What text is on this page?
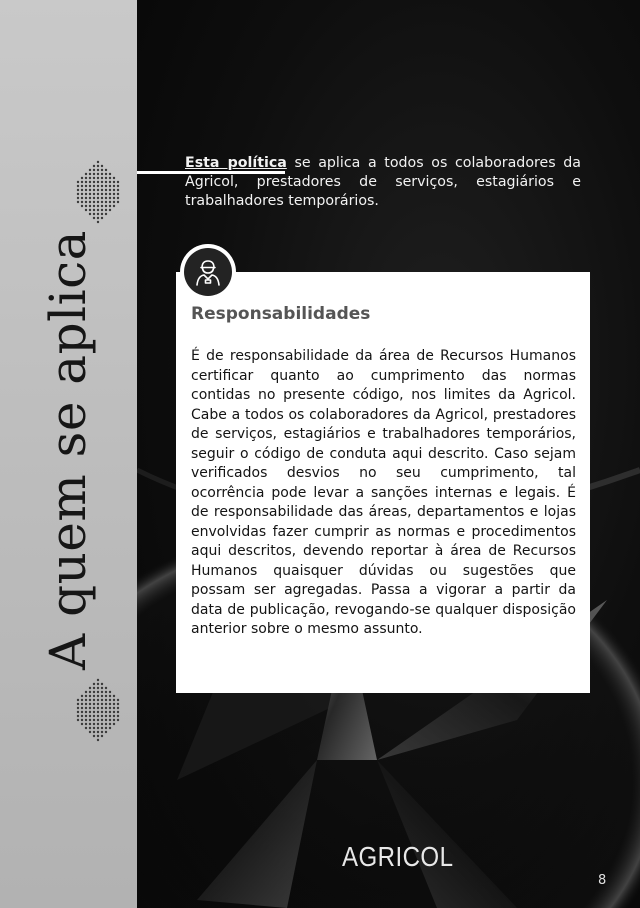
A quem se aplica
Esta política se aplica a todos os colaboradores da Agricol, prestadores de serviços, estagiários e trabalhadores temporários.
Responsabilidades
É de responsabilidade da área de Recursos Humanos certificar quanto ao cumprimento das normas contidas no presente código, nos limites da Agricol. Cabe a todos os colaboradores da Agricol, prestadores de serviços, estagiários e trabalhadores temporários, seguir o código de conduta aqui descrito. Caso sejam verificados desvios no seu cumprimento, tal ocorrência pode levar a sanções internas e legais. É de responsabilidade das áreas, departamentos e lojas envolvidas fazer cumprir as normas e procedimentos aqui descritos, devendo reportar à área de Recursos Humanos quaisquer dúvidas ou sugestões que possam ser agregadas. Passa a vigorar a partir da data de publicação, revogando-se qualquer disposição anterior sobre o mesmo assunto.
AGRICOL
8
